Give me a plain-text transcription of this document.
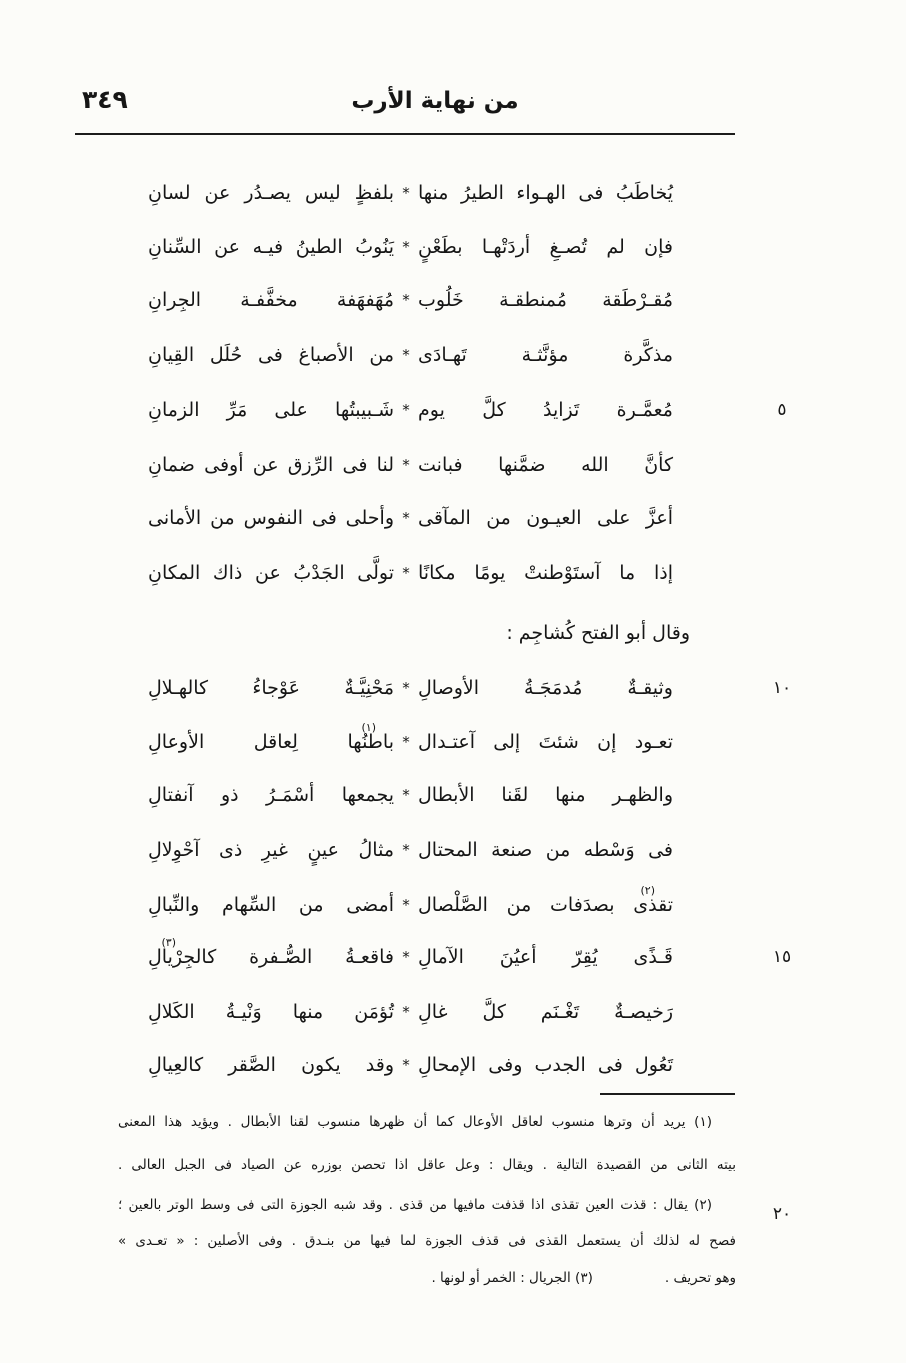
من نهاية الأرب
٣٤٩
يُخاطَبُ فى الهـواء الطيرُ منها
*
بلفظٍ ليس يصـدُر عن لسانِ
فإن لم تُصـغِ أردَتْهـا بطَعْنٍ
*
يَنُوبُ الطينُ فيـه عن السِّنانِ
مُقـرْطَقة مُمنطقـة خَلُوب
*
مُهَفهَفة مخفَّفـة الجِرانِ
مذكَّرة مؤنَّثـة تَهـادَى
*
من الأصباغ فى حُلَل القِيانِ
مُعمَّـرة تَزايدُ كلَّ يوم
*
شَـبيبتُها على مَرِّ الزمانِ
كأنَّ الله ضمَّنها فبانت
*
لنا فى الرِّزق عن أوفى ضمانِ
أعزَّ على العيـون من المآقى
*
وأحلى فى النفوس من الأمانى
إذا ما آستَوْطنتْ يومًا مكانًا
*
تولَّى الجَدْبُ عن ذاك المكانِ
وقال أبو الفتح كُشاجِم :
وثيقـةٌ مُدمَجَـةُ الأوصالِ
*
مَحْنِيَّـةٌ عَوْجاءُ كالهـلالِ
تعـود إن شئتَ إلى آعتـدال
*
(١)باطنُها لِعاقل الأوعالِ
والظهـر منها لقَنا الأبطال
*
يجمعها أسْمَـرُ ذو آنفتالِ
فى وَسْطه من صنعة المحتال
*
مثالُ عينٍ غيرِ ذى آحْوِلالِ
(٢)تقذى بصدَفات من الصَّلْصال
*
أمضى من السِّهام والنِّبالِ
قَـذًى يُقِرّ أعيُنَ الآمالِ
*
فاقعـةُ الصُّـفرة كالجِرْيالِ(٣)
رَخيصـةٌ تَغْـنَم كلَّ غالِ
*
تُؤمَن منها وَنْيـةُ الكَلالِ
تَعُول فى الجدب وفى الإمحالِ
*
وقد يكون الصَّقر كالعِيالِ
٥
١٠
١٥
٢٠
(١) يريد أن وترها منسوب لعاقل الأوعال كما أن ظهرها منسوب لقنا الأبطال . ويؤيد هذا المعنى
بيته الثانى من القصيدة التالية . ويقال : وعل عاقل اذا تحصن بوزره عن الصياد فى الجبل العالى .
(٢) يقال : قذت العين تقذى اذا قذفت مافيها من قذى . وقد شبه الجوزة التى فى وسط الوتر بالعين ؛
فصح له لذلك أن يستعمل القذى فى قذف الجوزة لما فيها من بنـدق . وفى الأصلين : « تعـدى »
وهو تحريف .(٣) الجريال : الخمر أو لونها .
